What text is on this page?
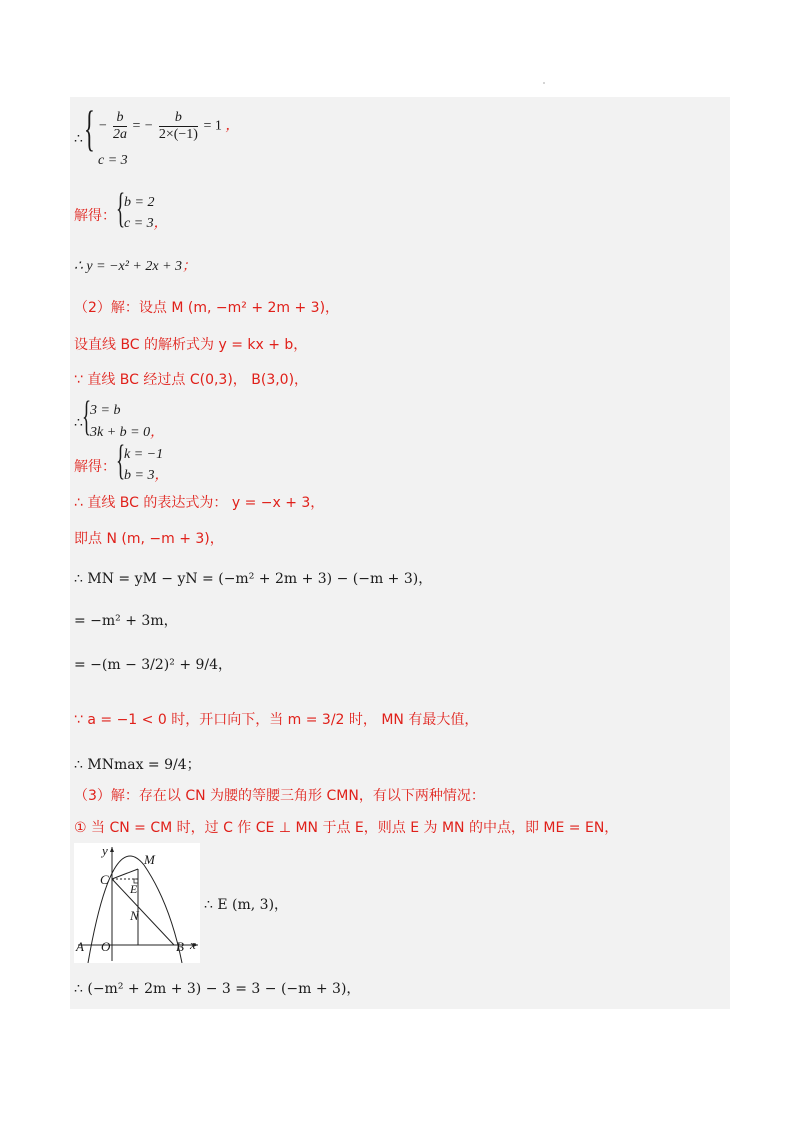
∴ { − $\frac{b}{2a}$ = − $\frac{b}{2\times(-1)} = 1$ ，
c = 3
解得： {
b = 2
c = 3，
∴ y = −x² + 2x + 3；
（2）解：设点 M (m, −m² + 2m + 3)，
设直线 BC 的解析式为 y = kx + b，
∵ 直线 BC 经过点 C(0,3)， B(3,0)，
∴ {
3 = b
3k + b = 0，
解得： {
k = −1
b = 3，
∴ 直线 BC 的表达式为： y = −x + 3，
即点 N (m, −m + 3)，
∴ MN = yM − yN = (−m² + 2m + 3) − (−m + 3)，
= −m² + 3m，
= −(m − 3/2)² + 9/4，
∵ a = −1 < 0 时，开口向下，当 m = 3/2 时， MN 有最大值，
∴ MNmax = 9/4；
（3）解：存在以 CN 为腰的等腰三角形 CMN，有以下两种情况：
① 当 CN = CM 时，过 C 作 CE ⊥ MN 于点 E，则点 E 为 MN 的中点，即 ME = EN，
y
M
C
E
N
A O	B x
∴ E (m, 3)，
∴ (−m² + 2m + 3) − 3 = 3 − (−m + 3)，
